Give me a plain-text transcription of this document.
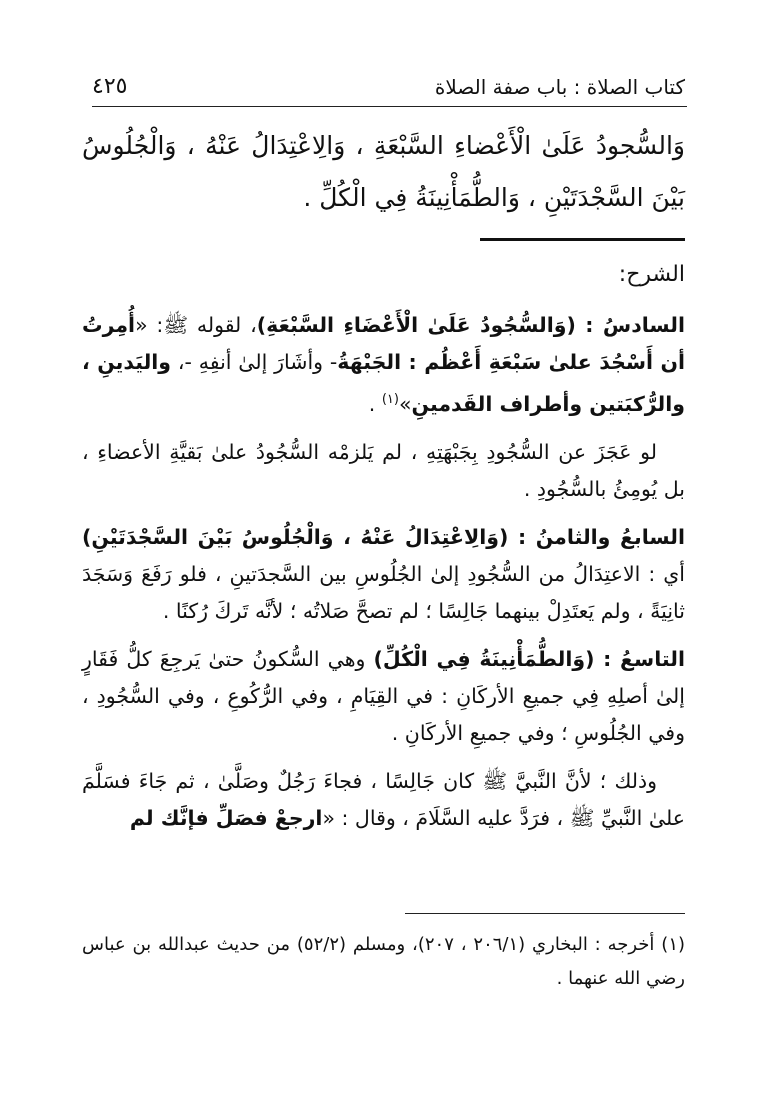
كتاب الصلاة : باب صفة الصلاة
٤٢٥
وَالسُّجودُ عَلَىٰ الْأَعْضاءِ السَّبْعَةِ ، وَالِاعْتِدَالُ عَنْهُ ، وَالْجُلُوسُ بَيْنَ السَّجْدَتَيْنِ ، وَالطُّمَأْنِينَةُ فِي الْكُلِّ .

الشرح:

السادسُ : (وَالسُّجُودُ عَلَىٰ الْأَعْضَاءِ السَّبْعَةِ)، لقوله ﷺ: «أُمِرتُ أن أَسْجُدَ علىٰ سَبْعَةِ أَعْظُم : الجَبْهَةُ- وأشَارَ إلىٰ أنفِهِ -، واليَدينِ ، والرُّكبَتين وأطراف القَدمينِ»$^{(١)}$ .

لو عَجَزَ عن السُّجُودِ بِجَبْهَتِهِ ، لم يَلزمْه السُّجُودُ علىٰ بَقيَّةِ الأعضاءِ ، بل يُومِئُ بالسُّجُودِ .

السابعُ والثامنُ : (وَالِاعْتِدَالُ عَنْهُ ، وَالْجُلُوسُ بَيْنَ السَّجْدَتَيْنِ) أي : الاعتِدَالُ من السُّجُودِ إلىٰ الجُلُوسِ بين السَّجدَتينِ ، فلو رَفَعَ وَسَجَدَ ثانِيَةً ، ولم يَعتَدِلْ بينهما جَالِسًا ؛ لم تصحَّ صَلاتُه ؛ لأنَّه تَركَ رُكنًا .

التاسعُ : (وَالطُّمَأْنِينَةُ فِي الْكُلِّ) وهي السُّكونُ حتىٰ يَرجِعَ كلُّ فَقَارٍ إلىٰ أصلِهِ فِي جميعِ الأركَانِ : في القِيَامِ ، وفي الرُّكُوعِ ، وفي السُّجُودِ ، وفي الجُلُوسِ ؛ وفي جميعِ الأركَانِ .

وذلك ؛ لأنَّ النَّبيَّ ﷺ كان جَالِسًا ، فجاءَ رَجُلٌ وصَلَّىٰ ، ثم جَاءَ فسَلَّمَ علىٰ النَّبيِّ ﷺ ، فرَدَّ عليه السَّلَامَ ، وقال : «ارجعْ فصَلِّ فإنَّك لم

(١) أخرجه : البخاري (٢٠٦/١ ، ٢٠٧)، ومسلم (٥٢/٢) من حديث عبدالله بن عباس رضي الله عنهما .
